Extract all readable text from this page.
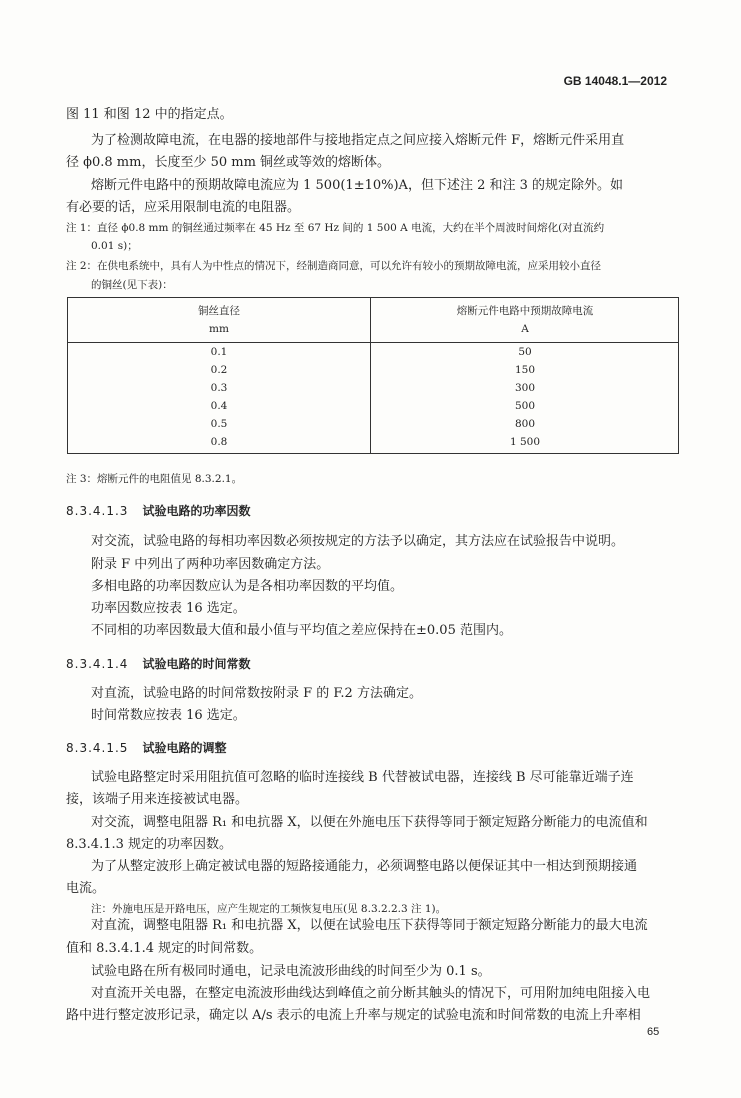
GB 14048.1—2012
图 11 和图 12 中的指定点。
为了检测故障电流，在电器的接地部件与接地指定点之间应接入熔断元件 F，熔断元件采用直
径 ϕ0.8 mm，长度至少 50 mm 铜丝或等效的熔断体。
熔断元件电路中的预期故障电流应为 1 500(1±10%)A，但下述注 2 和注 3 的规定除外。如
有必要的话，应采用限制电流的电阻器。
注 1：直径 ϕ0.8 mm 的铜丝通过频率在 45 Hz 至 67 Hz 间的 1 500 A 电流，大约在半个周波时间熔化(对直流约
0.01 s)；
注 2：在供电系统中，具有人为中性点的情况下，经制造商同意，可以允许有较小的预期故障电流，应采用较小直径
的铜丝(见下表)：
铜丝直径
mm
熔断元件电路中预期故障电流
A
0.1
0.2
0.3
0.4
0.5
0.8
50
150
300
500
800
1 500
注 3：熔断元件的电阻值见 8.3.2.1。
8.3.4.1.3 试验电路的功率因数
对交流，试验电路的每相功率因数必须按规定的方法予以确定，其方法应在试验报告中说明。
附录 F 中列出了两种功率因数确定方法。
多相电路的功率因数应认为是各相功率因数的平均值。
功率因数应按表 16 选定。
不同相的功率因数最大值和最小值与平均值之差应保持在±0.05 范围内。
8.3.4.1.4 试验电路的时间常数
对直流，试验电路的时间常数按附录 F 的 F.2 方法确定。
时间常数应按表 16 选定。
8.3.4.1.5 试验电路的调整
试验电路整定时采用阻抗值可忽略的临时连接线 B 代替被试电器，连接线 B 尽可能靠近端子连
接，该端子用来连接被试电器。
对交流，调整电阻器 R₁ 和电抗器 X，以便在外施电压下获得等同于额定短路分断能力的电流值和
8.3.4.1.3 规定的功率因数。
为了从整定波形上确定被试电器的短路接通能力，必须调整电路以便保证其中一相达到预期接通
电流。
注：外施电压是开路电压，应产生规定的工频恢复电压(见 8.3.2.2.3 注 1)。
对直流，调整电阻器 R₁ 和电抗器 X，以便在试验电压下获得等同于额定短路分断能力的最大电流
值和 8.3.4.1.4 规定的时间常数。
试验电路在所有极同时通电，记录电流波形曲线的时间至少为 0.1 s。
对直流开关电器，在整定电流波形曲线达到峰值之前分断其触头的情况下，可用附加纯电阻接入电
路中进行整定波形记录，确定以 A/s 表示的电流上升率与规定的试验电流和时间常数的电流上升率相
65
